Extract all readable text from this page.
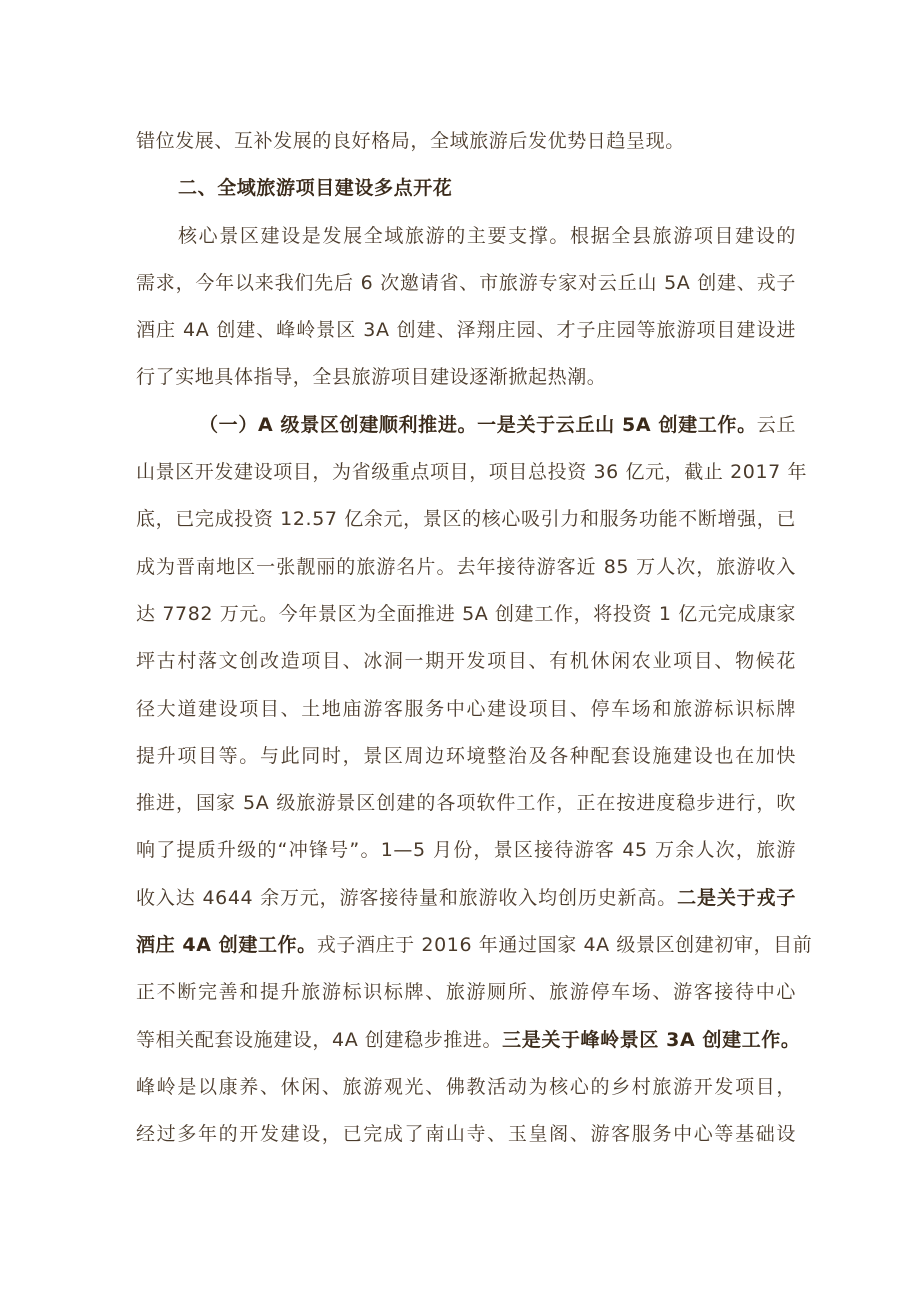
错位发展、互补发展的良好格局，全域旅游后发优势日趋呈现。
二、全域旅游项目建设多点开花
核心景区建设是发展全域旅游的主要支撑。根据全县旅游项目建设的
需求，今年以来我们先后 6 次邀请省、市旅游专家对云丘山 5A 创建、戎子
酒庄 4A 创建、峰岭景区 3A 创建、泽翔庄园、才子庄园等旅游项目建设进
行了实地具体指导，全县旅游项目建设逐渐掀起热潮。
（一）A 级景区创建顺利推进。一是关于云丘山 5A 创建工作。云丘
山景区开发建设项目，为省级重点项目，项目总投资 36 亿元，截止 2017 年
底，已完成投资 12.57 亿余元，景区的核心吸引力和服务功能不断增强，已
成为晋南地区一张靓丽的旅游名片。去年接待游客近 85 万人次，旅游收入
达 7782 万元。今年景区为全面推进 5A 创建工作，将投资 1 亿元完成康家
坪古村落文创改造项目、冰洞一期开发项目、有机休闲农业项目、物候花
径大道建设项目、土地庙游客服务中心建设项目、停车场和旅游标识标牌
提升项目等。与此同时，景区周边环境整治及各种配套设施建设也在加快
推进，国家 5A 级旅游景区创建的各项软件工作，正在按进度稳步进行，吹
响了提质升级的“冲锋号”。1—5 月份，景区接待游客 45 万余人次，旅游
收入达 4644 余万元，游客接待量和旅游收入均创历史新高。二是关于戎子
酒庄 4A 创建工作。戎子酒庄于 2016 年通过国家 4A 级景区创建初审，目前
正不断完善和提升旅游标识标牌、旅游厕所、旅游停车场、游客接待中心
等相关配套设施建设，4A 创建稳步推进。三是关于峰岭景区 3A 创建工作。
峰岭是以康养、休闲、旅游观光、佛教活动为核心的乡村旅游开发项目，
经过多年的开发建设，已完成了南山寺、玉皇阁、游客服务中心等基础设
